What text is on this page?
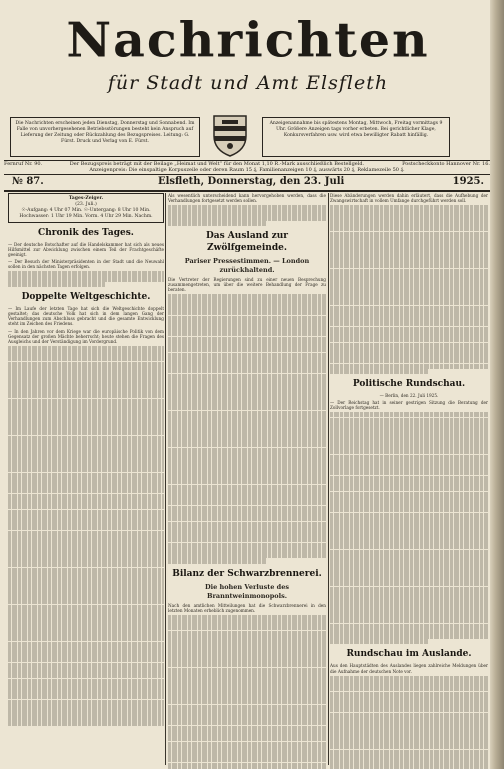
Nachrichten
für Stadt und Amt Elsfleth
Die Nachrichten erscheinen jeden Dienstag, Donnerstag und Sonnabend. Im Falle von unvorhergesehenen Betriebsstörungen besteht kein Anspruch auf Lieferung der Zeitung oder Rückzahlung des Bezugspreises. Leitung: G. Fürst. Druck und Verlag von E. Fürst.
Anzeigenannahme bis spätestens Montag, Mittwoch, Freitag vormittags 9 Uhr. Größere Anzeigen tags vorher erbeten. Bei gerichtlicher Klage, Konkursverfahren usw. wird etwa bewilligter Rabatt hinfällig.
Fernruf Nr. 90.	Der Bezugspreis beträgt mit der Beilage „Heimat und Welt“ für den Monat 1,10 R.-Mark ausschließlich Bestellgeld.	Postscheckkonto Hannover Nr. 16.
Anzeigenpreis: Die einspaltige Korpuszeile oder deren Raum 15 ₰, Familienanzeigen 10 ₰, auswärts 20 ₰, Reklamezeile 50 ₰.
№ 87.	Elsfleth, Donnerstag, den 23. Juli	1925.
Tages-Zeiger.
(23. Juli.)
☉-Aufgang: 4 Uhr 07 Min. ☉-Untergang: 8 Uhr 10 Min.
Hochwasser: 1 Uhr 19 Min. Vorm. 4 Uhr 29 Min. Nachm.
Chronik des Tages.

— Der deutsche Botschafter auf die Handelskammer hat sich als neues Hilfsmittel zur Abwicklung zwischen einem Teil der Frachtgeschäfte geeinigt.

— Der Besuch der Ministerpräsidenten in der Stadt und die Neuwahl sollen in den nächsten Tagen erfolgen.

Doppelte Weltgeschichte.

— Im Laufe der letzten Tage hat sich die Weltgeschichte doppelt gestaltet; das deutsche Volk hat sich in dem langen Gang der Verhandlungen zum Abschluss gebracht und die gesamte Entwicklung steht im Zeichen des Friedens.

— In den Jahren vor dem Kriege war die europäische Politik von dem Gegensatz der großen Mächte beherrscht; heute stehen die Fragen des Ausgleichs und der Verständigung im Vordergrund.

Als wesentlich unterscheidend kann hervorgehoben werden, dass die Verhandlungen fortgesetzt werden sollen.

Das Ausland zur Zwölfgemeinde.
Pariser Pressestimmen. — London zurückhaltend.

Die Vertreter der Regierungen sind zu einer neuen Besprechung zusammengetreten, um über die weitere Behandlung der Frage zu beraten.

Bilanz der Schwarzbrennerei.
Die hohen Verluste des Branntweinmonopols.

Nach den amtlichen Mitteilungen hat die Schwarzbrennerei in den letzten Monaten erheblich zugenommen.

Diese Abänderungen werden dahin erläutert, dass die Aufhebung der Zwangswirtschaft in vollem Umfange durchgeführt werden soll.

Politische Rundschau.

— Berlin, den 22. Juli 1925.

— Der Reichstag hat in seiner gestrigen Sitzung die Beratung der Zollvorlage fortgesetzt.

Rundschau im Auslande.

Aus den Hauptstädten des Auslandes liegen zahlreiche Meldungen über die Aufnahme der deutschen Note vor.
